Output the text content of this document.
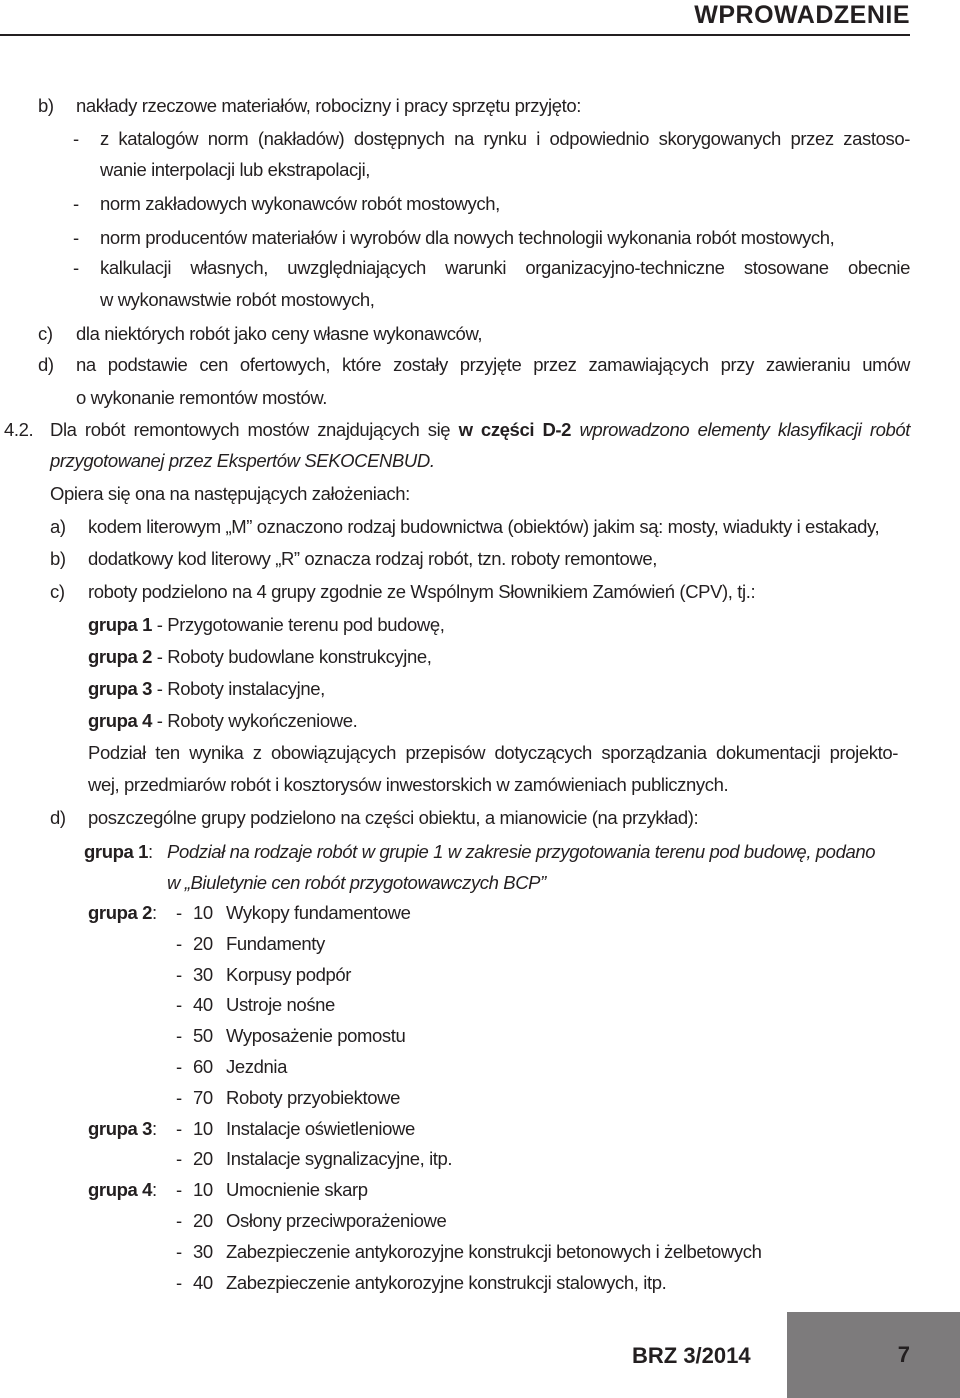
WPROWADZENIE
b) nakłady rzeczowe materiałów, robocizny i pracy sprzętu przyjęto:
- z katalogów norm (nakładów) dostępnych na rynku i odpowiednio skorygowanych przez zastoso-
wanie interpolacji lub ekstrapolacji,
- norm zakładowych wykonawców robót mostowych,
- norm producentów materiałów i wyrobów dla nowych technologii wykonania robót mostowych,
- kalkulacji własnych, uwzględniających warunki organizacyjno-techniczne stosowane obecnie
w wykonawstwie robót mostowych,
c) dla niektórych robót jako ceny własne wykonawców,
d) na podstawie cen ofertowych, które zostały przyjęte przez zamawiających przy zawieraniu umów
o wykonanie remontów mostów.
4.2. Dla robót remontowych mostów znajdujących się w części D-2 wprowadzono elementy klasyfikacji robót
przygotowanej przez Ekspertów SEKOCENBUD.
Opiera się ona na następujących założeniach:
a) kodem literowym „M” oznaczono rodzaj budownictwa (obiektów) jakim są: mosty, wiadukty i estakady,
b) dodatkowy kod literowy „R” oznacza rodzaj robót, tzn. roboty remontowe,
c) roboty podzielono na 4 grupy zgodnie ze Wspólnym Słownikiem Zamówień (CPV), tj.:
grupa 1 - Przygotowanie terenu pod budowę,
grupa 2 - Roboty budowlane konstrukcyjne,
grupa 3 - Roboty instalacyjne,
grupa 4 - Roboty wykończeniowe.
Podział ten wynika z obowiązujących przepisów dotyczących sporządzania dokumentacji projekto-
wej, przedmiarów robót i kosztorysów inwestorskich w zamówieniach publicznych.
d) poszczególne grupy podzielono na części obiektu, a mianowicie (na przykład):
grupa 1: Podział na rodzaje robót w grupie 1 w zakresie przygotowania terenu pod budowę, podano
w „Biuletynie cen robót przygotowawczych BCP”
grupa 2: - 10 Wykopy fundamentowe
- 20 Fundamenty
- 30 Korpusy podpór
- 40 Ustroje nośne
- 50 Wyposażenie pomostu
- 60 Jezdnia
- 70 Roboty przyobiektowe
grupa 3: - 10 Instalacje oświetleniowe
- 20 Instalacje sygnalizacyjne, itp.
grupa 4: - 10 Umocnienie skarp
- 20 Osłony przeciwporażeniowe
- 30 Zabezpieczenie antykorozyjne konstrukcji betonowych i żelbetowych
- 40 Zabezpieczenie antykorozyjne konstrukcji stalowych, itp.
BRZ 3/2014	7
